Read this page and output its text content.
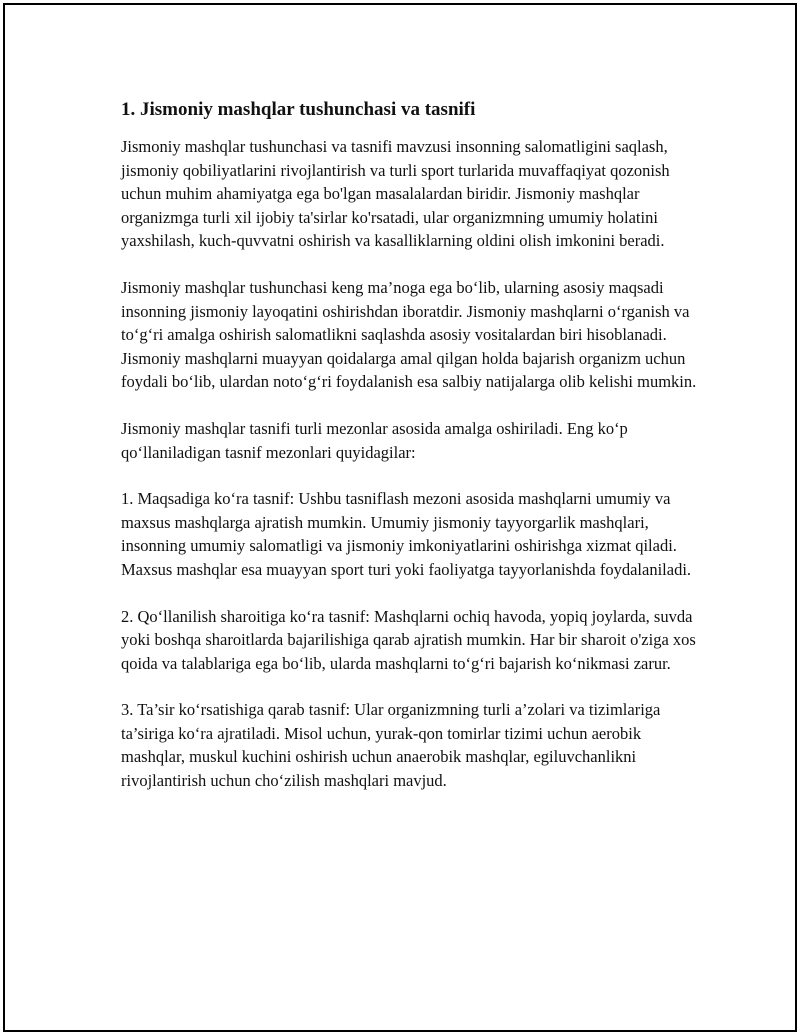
1. Jismoniy mashqlar tushunchasi va tasnifi

Jismoniy mashqlar tushunchasi va tasnifi mavzusi insonning salomatligini saqlash, jismoniy qobiliyatlarini rivojlantirish va turli sport turlarida muvaffaqiyat qozonish uchun muhim ahamiyatga ega bo'lgan masalalardan biridir. Jismoniy mashqlar organizmga turli xil ijobiy ta'sirlar ko'rsatadi, ular organizmning umumiy holatini yaxshilash, kuch-quvvatni oshirish va kasalliklarning oldini olish imkonini beradi.

Jismoniy mashqlar tushunchasi keng ma’noga ega bo‘lib, ularning asosiy maqsadi insonning jismoniy layoqatini oshirishdan iboratdir. Jismoniy mashqlarni o‘rganish va to‘g‘ri amalga oshirish salomatlikni saqlashda asosiy vositalardan biri hisoblanadi. Jismoniy mashqlarni muayyan qoidalarga amal qilgan holda bajarish organizm uchun foydali bo‘lib, ulardan noto‘g‘ri foydalanish esa salbiy natijalarga olib kelishi mumkin.

Jismoniy mashqlar tasnifi turli mezonlar asosida amalga oshiriladi. Eng ko‘p qo‘llaniladigan tasnif mezonlari quyidagilar:

1. Maqsadiga ko‘ra tasnif: Ushbu tasniflash mezoni asosida mashqlarni umumiy va maxsus mashqlarga ajratish mumkin. Umumiy jismoniy tayyorgarlik mashqlari, insonning umumiy salomatligi va jismoniy imkoniyatlarini oshirishga xizmat qiladi. Maxsus mashqlar esa muayyan sport turi yoki faoliyatga tayyorlanishda foydalaniladi.

2. Qo‘llanilish sharoitiga ko‘ra tasnif: Mashqlarni ochiq havoda, yopiq joylarda, suvda yoki boshqa sharoitlarda bajarilishiga qarab ajratish mumkin. Har bir sharoit o'ziga xos qoida va talablariga ega bo‘lib, ularda mashqlarni to‘g‘ri bajarish ko‘nikmasi zarur.

3. Ta’sir ko‘rsatishiga qarab tasnif: Ular organizmning turli a’zolari va tizimlariga ta’siriga ko‘ra ajratiladi. Misol uchun, yurak-qon tomirlar tizimi uchun aerobik mashqlar, muskul kuchini oshirish uchun anaerobik mashqlar, egiluvchanlikni rivojlantirish uchun cho‘zilish mashqlari mavjud.
